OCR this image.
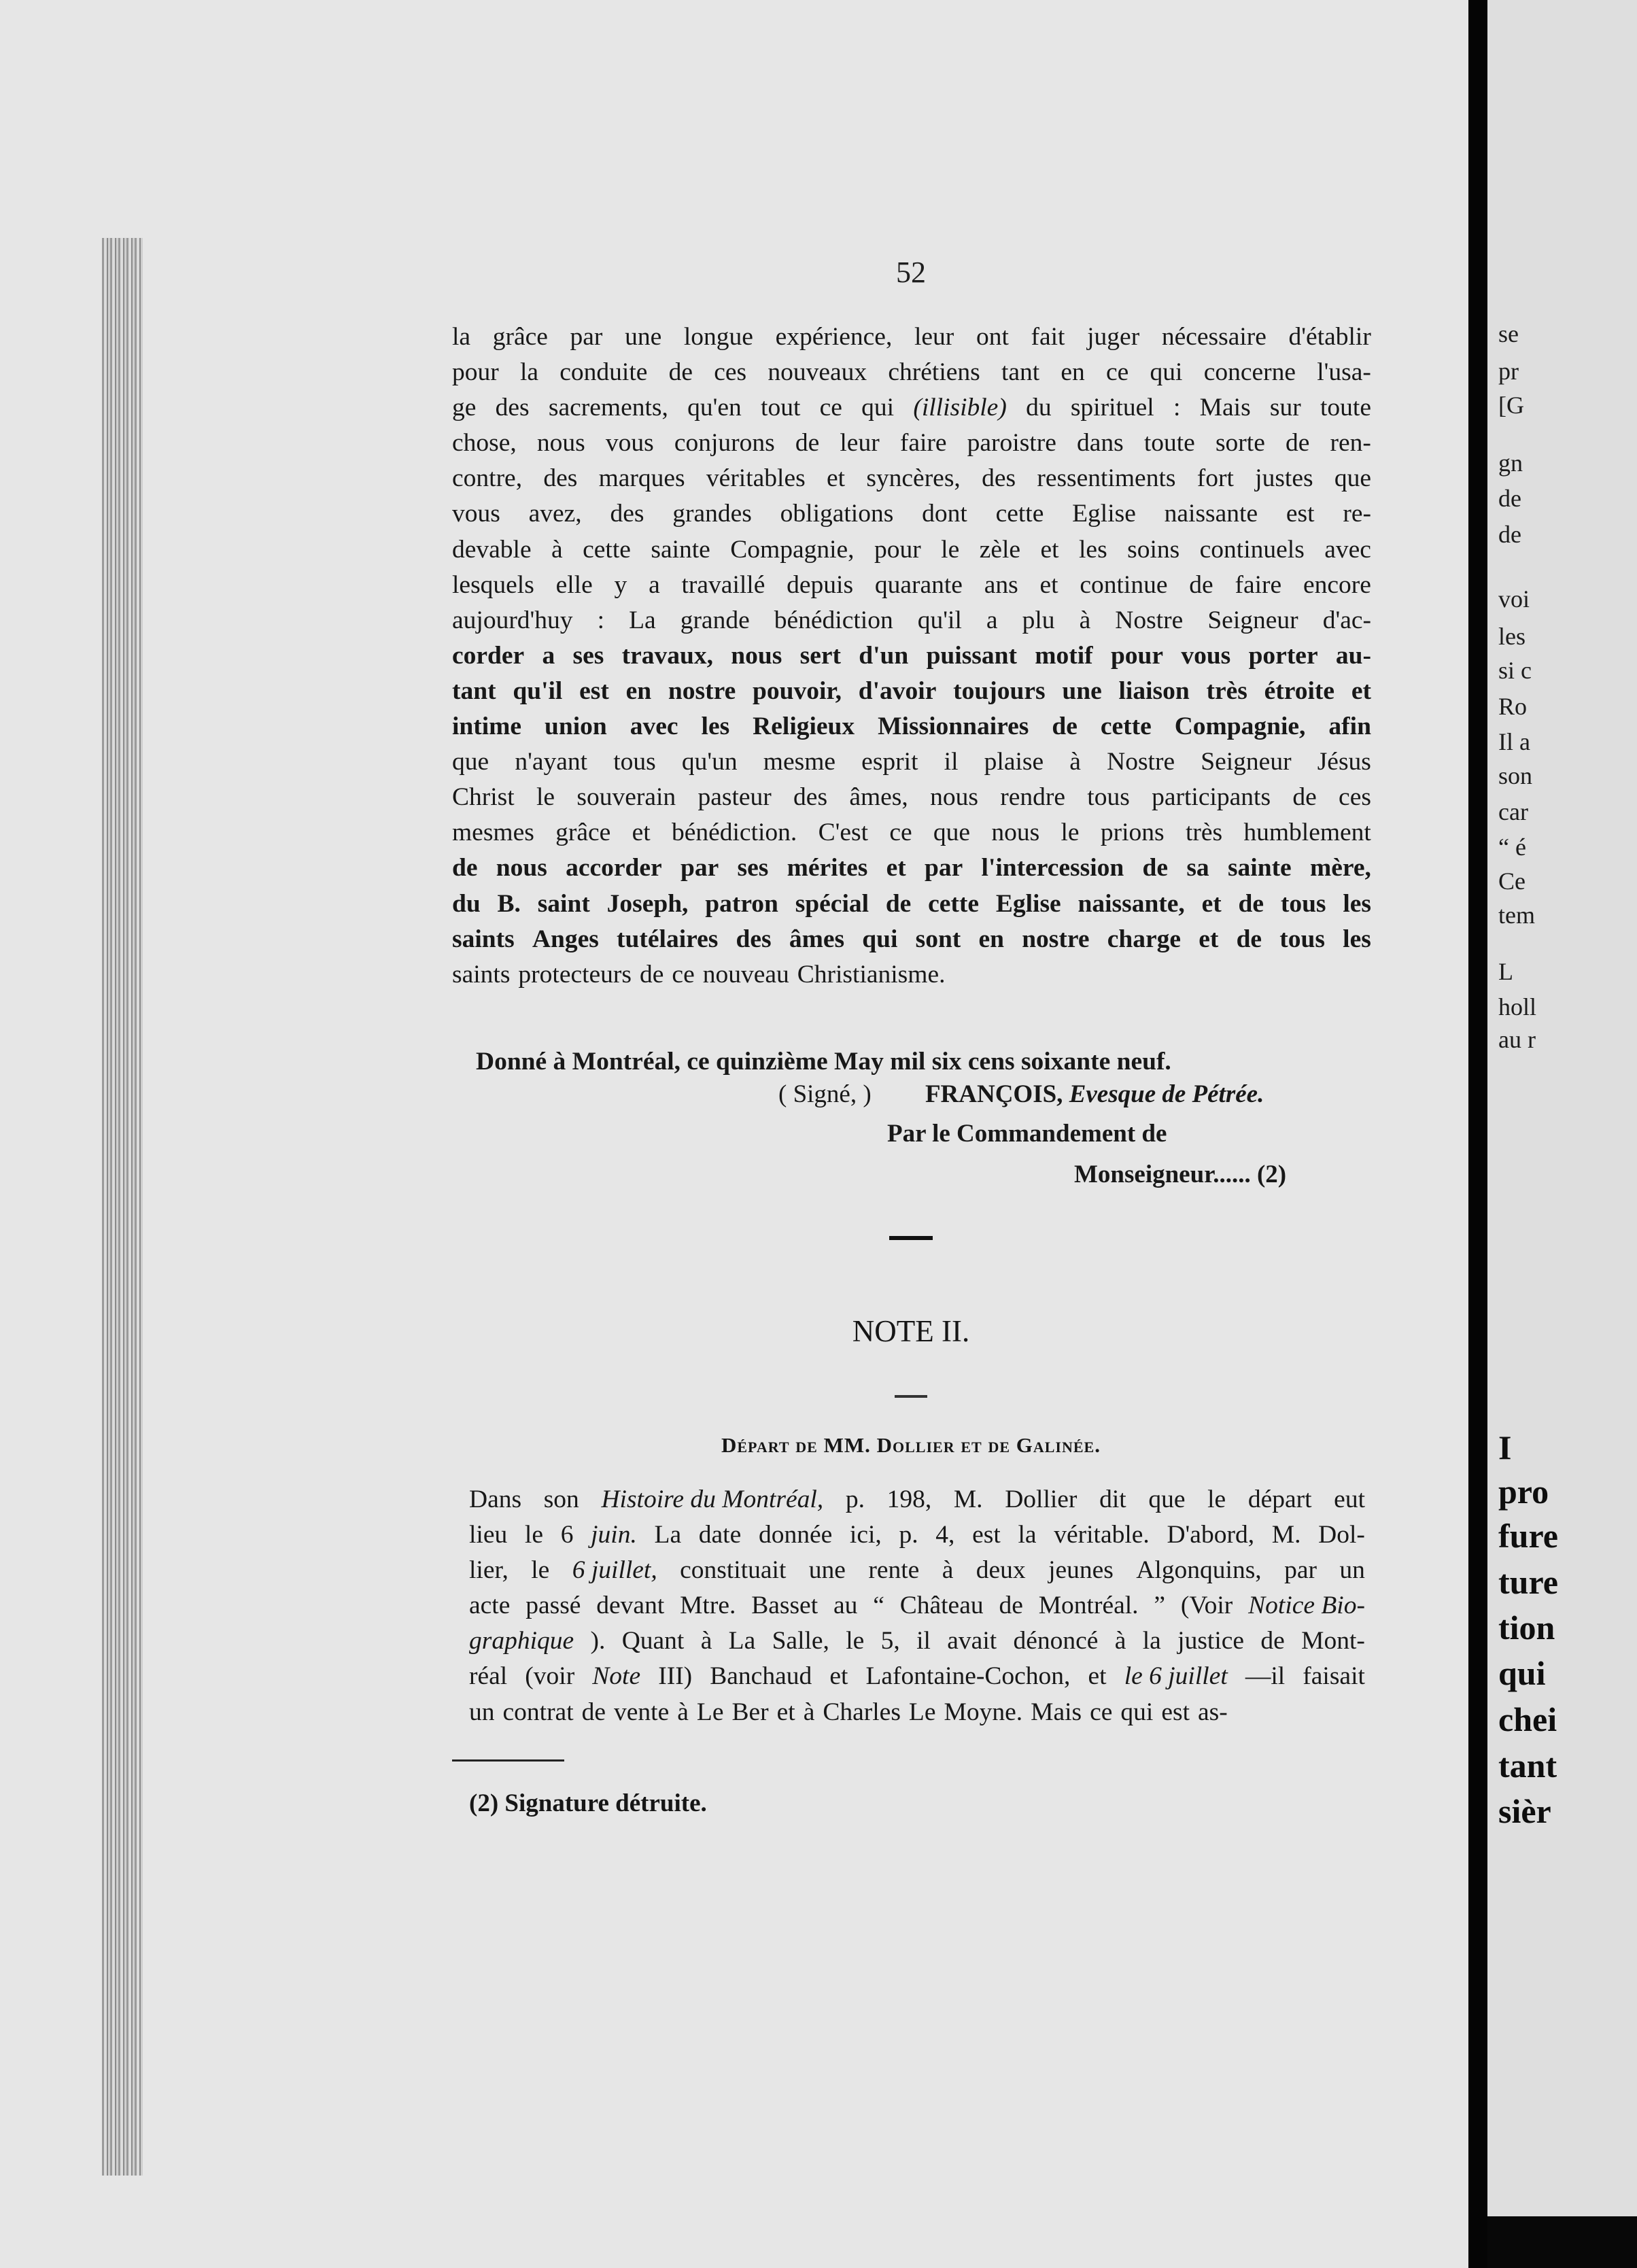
52
la grâce par une longue expérience, leur ont fait juger nécessaire d'établir
pour la conduite de ces nouveaux chrétiens tant en ce qui concerne l'usa-
ge des sacrements, qu'en tout ce qui (illisible) du spirituel : Mais sur toute
chose, nous vous conjurons de leur faire paroistre dans toute sorte de ren-
contre, des marques véritables et syncères, des ressentiments fort justes que
vous avez, des grandes obligations dont cette Eglise naissante est re-
devable à cette sainte Compagnie, pour le zèle et les soins continuels avec
lesquels elle y a travaillé depuis quarante ans et continue de faire encore
aujourd'huy : La grande bénédiction qu'il a plu à Nostre Seigneur d'ac-
corder a ses travaux, nous sert d'un puissant motif pour vous porter au-
tant qu'il est en nostre pouvoir, d'avoir toujours une liaison très étroite et
intime union avec les Religieux Missionnaires de cette Compagnie, afin
que n'ayant tous qu'un mesme esprit il plaise à Nostre Seigneur Jésus
Christ le souverain pasteur des âmes, nous rendre tous participants de ces
mesmes grâce et bénédiction. C'est ce que nous le prions très humblement
de nous accorder par ses mérites et par l'intercession de sa sainte mère,
du B. saint Joseph, patron spécial de cette Eglise naissante, et de tous les
saints Anges tutélaires des âmes qui sont en nostre charge et de tous les
saints protecteurs de ce nouveau Christianisme.
Donné à Montréal, ce quinzième May mil six cens soixante neuf.
( Signé, ) FRANÇOIS, Evesque de Pétrée.
Par le Commandement de
Monseigneur...... (2)
NOTE II.
Départ de MM. Dollier et de Galinée.
Dans son Histoire du Montréal, p. 198, M. Dollier dit que le départ eut
lieu le 6 juin. La date donnée ici, p. 4, est la véritable. D'abord, M. Dol-
lier, le 6 juillet, constituait une rente à deux jeunes Algonquins, par un
acte passé devant Mtre. Basset au “ Château de Montréal. ” (Voir Notice Bio-
graphique ). Quant à La Salle, le 5, il avait dénoncé à la justice de Mont-
réal (voir Note III) Banchaud et Lafontaine-Cochon, et le 6 juillet —il faisait
un contrat de vente à Le Ber et à Charles Le Moyne. Mais ce qui est as-
(2) Signature détruite.
se
pr
[G
gn
de
de
voi
les
si c
Ro
Il a
son
car
“ é
Ce
tem
L
holl
au r
I
pro
fure
ture
tion
qui
chei
tant
sièr
